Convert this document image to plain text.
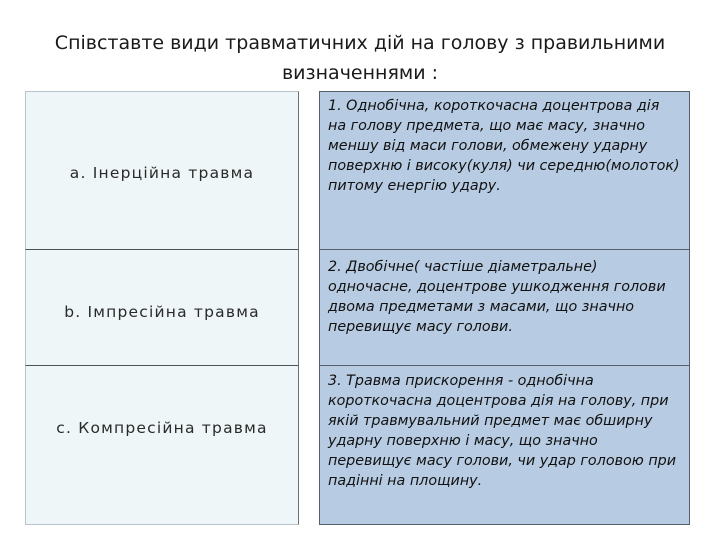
Співставте види травматичних дій на голову з правильними визначеннями :
а. Інерційна травма
b. Імпресійна травма
с. Компресійна травма
1. Однобічна, короткочасна доцентрова дія на голову предмета, що має масу, значно меншу від маси голови, обмежену ударну поверхню і високу(куля) чи середню(молоток) питому енергію удару.
2. Двобічне( частіше діаметральне) одночасне, доцентрове ушкодження голови двома предметами з масами, що значно перевищує масу голови.
3. Травма прискорення - однобічна короткочасна доцентрова дія на голову, при якій травмувальний предмет має обширну ударну поверхню і масу, що значно перевищує масу голови, чи удар головою при падінні на площину.
